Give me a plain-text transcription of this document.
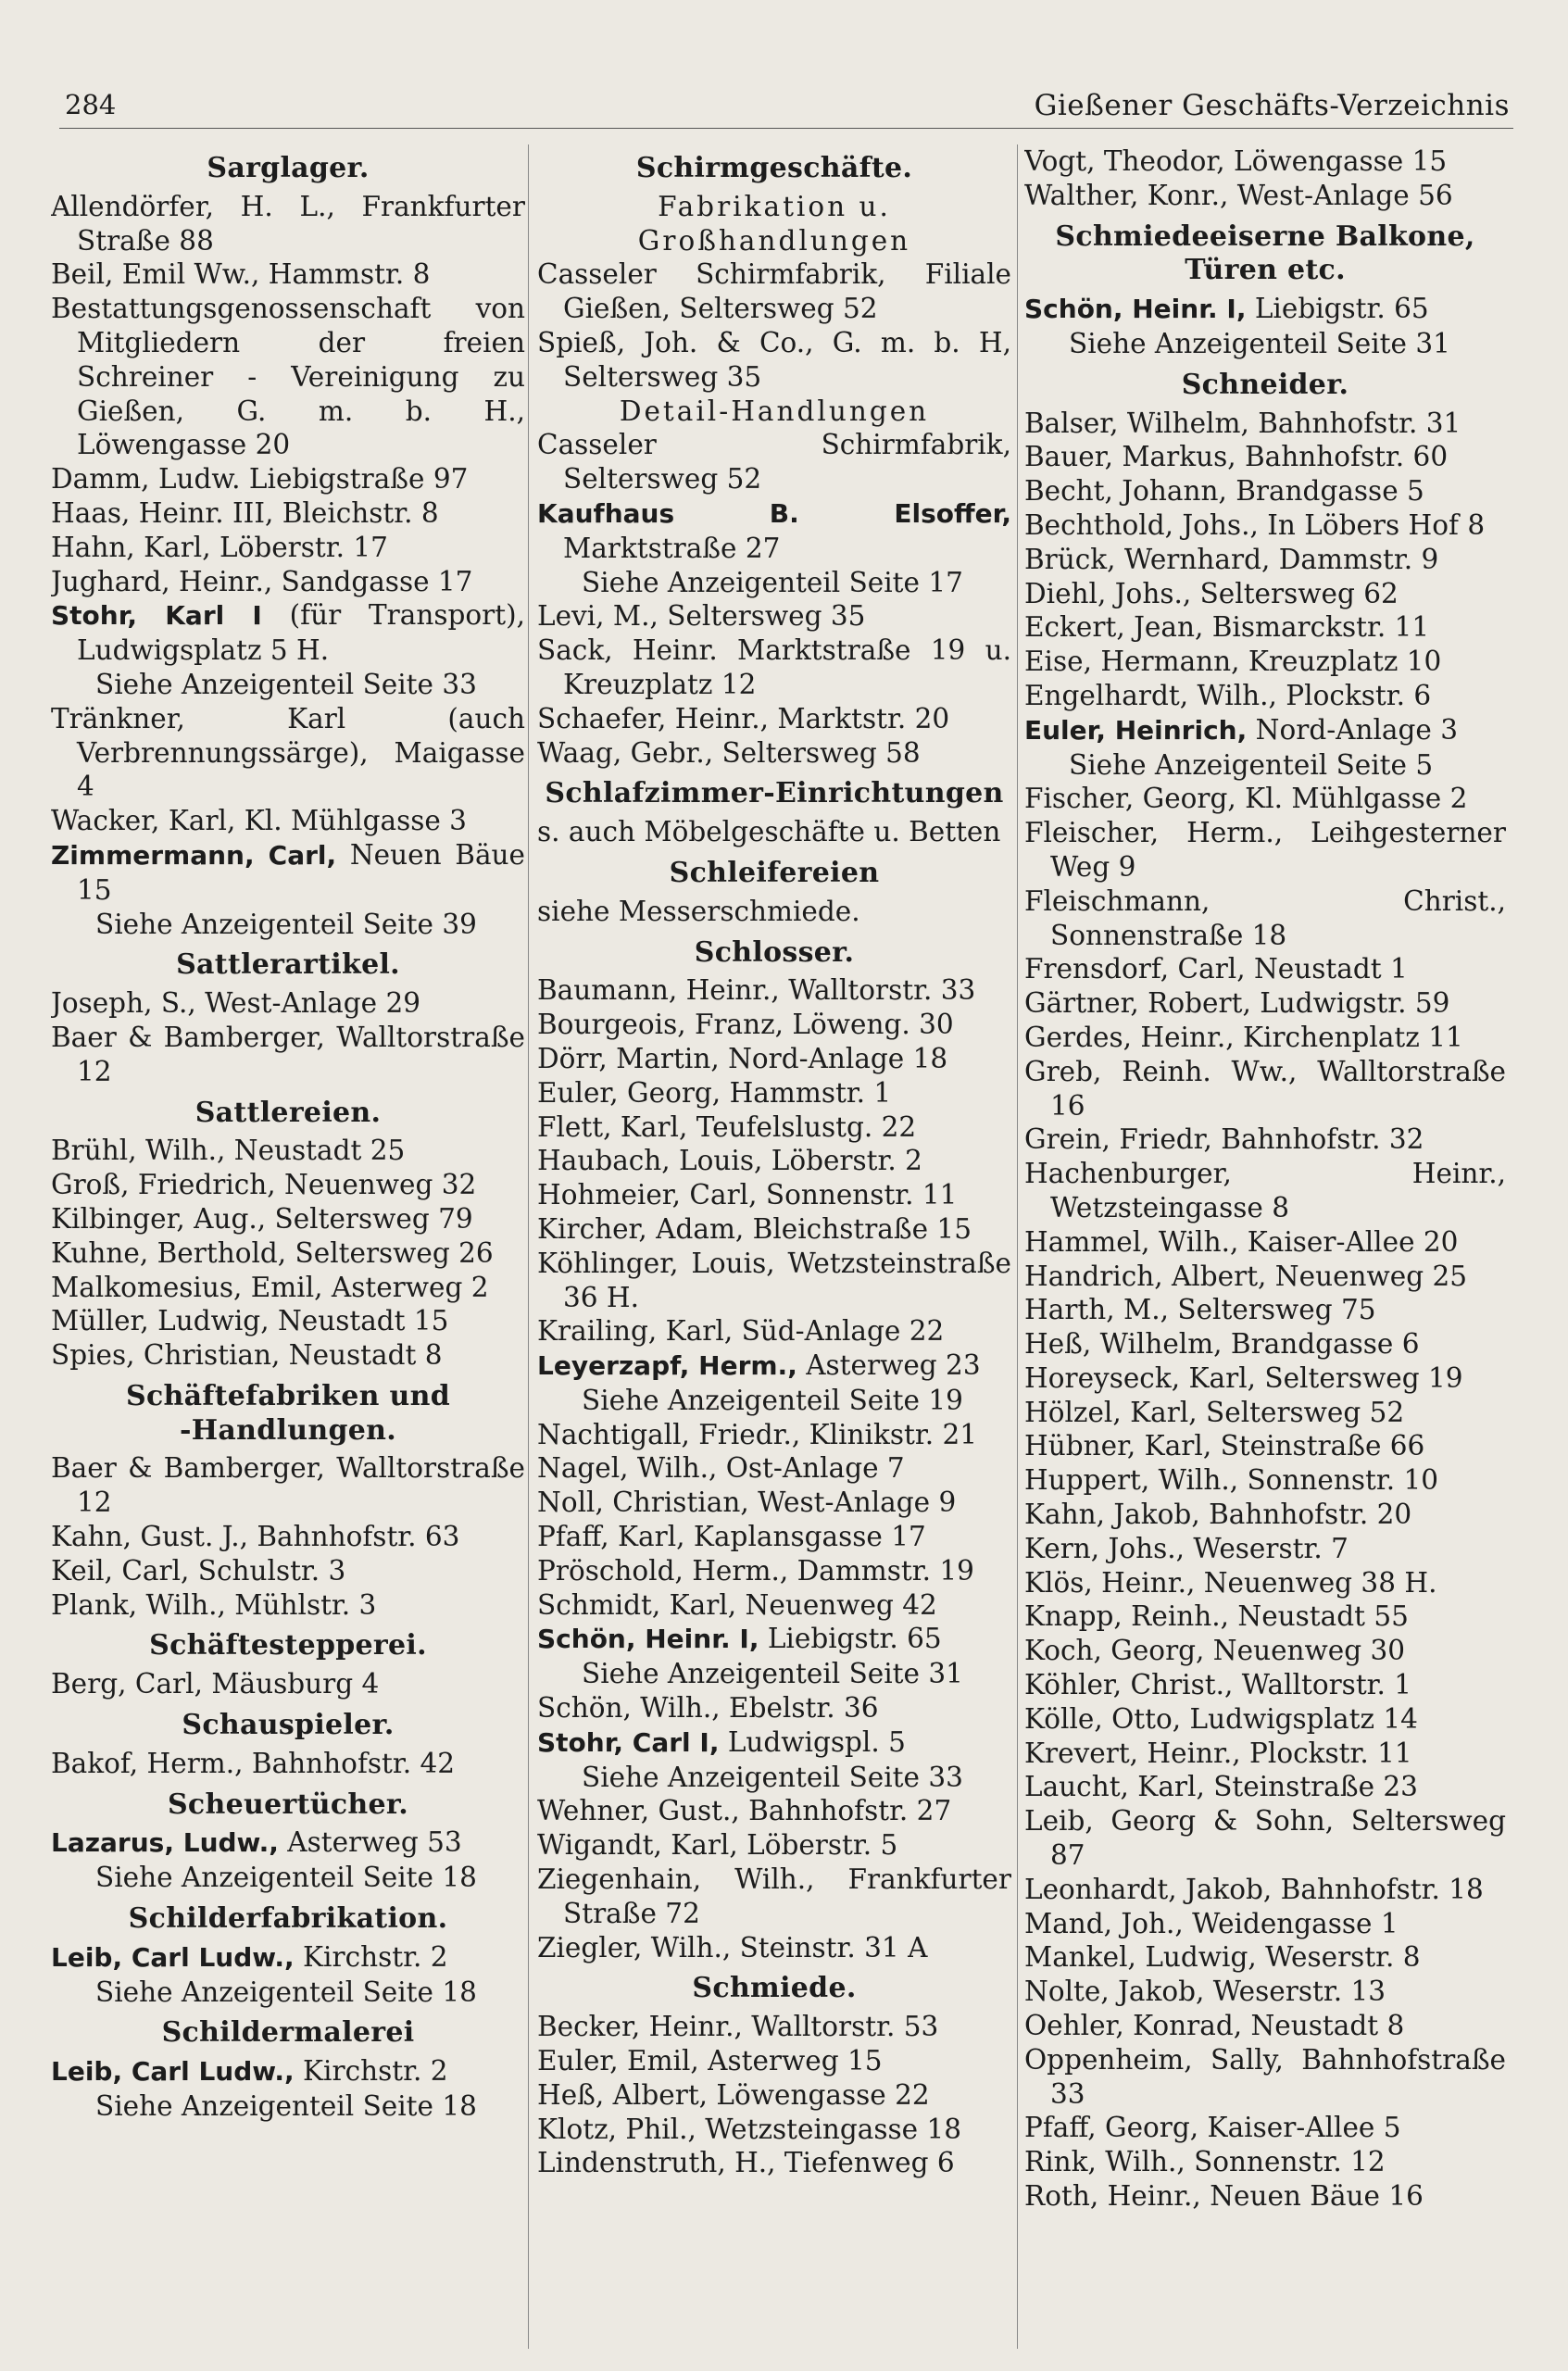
284	Gießener Geschäfts-Verzeichnis
Sarglager.

Allendörfer, H. L., Frankfurter Straße 88

Beil, Emil Ww., Hammstr. 8

Bestattungsgenossenschaft von Mitgliedern der freien Schreiner - Vereinigung zu Gießen, G. m. b. H., Löwengasse 20

Damm, Ludw. Liebigstraße 97

Haas, Heinr. III, Bleichstr. 8

Hahn, Karl, Löberstr. 17

Jughard, Heinr., Sandgasse 17

Stohr, Karl I (für Transport), Ludwigsplatz 5 H.

Siehe Anzeigenteil Seite 33

Tränkner, Karl (auch Verbrennungssärge), Maigasse 4

Wacker, Karl, Kl. Mühlgasse 3

Zimmermann, Carl, Neuen Bäue 15

Siehe Anzeigenteil Seite 39

Sattlerartikel.

Joseph, S., West-Anlage 29

Baer & Bamberger, Walltorstraße 12

Sattlereien.

Brühl, Wilh., Neustadt 25

Groß, Friedrich, Neuenweg 32

Kilbinger, Aug., Seltersweg 79

Kuhne, Berthold, Seltersweg 26

Malkomesius, Emil, Asterweg 2

Müller, Ludwig, Neustadt 15

Spies, Christian, Neustadt 8

Schäftefabriken und
-Handlungen.

Baer & Bamberger, Walltorstraße 12

Kahn, Gust. J., Bahnhofstr. 63

Keil, Carl, Schulstr. 3

Plank, Wilh., Mühlstr. 3

Schäftestepperei.

Berg, Carl, Mäusburg 4

Schauspieler.

Bakof, Herm., Bahnhofstr. 42

Scheuertücher.

Lazarus, Ludw., Asterweg 53

Siehe Anzeigenteil Seite 18

Schilderfabrikation.

Leib, Carl Ludw., Kirchstr. 2

Siehe Anzeigenteil Seite 18

Schildermalerei

Leib, Carl Ludw., Kirchstr. 2

Siehe Anzeigenteil Seite 18

Schirmgeschäfte.

Fabrikation u. Großhandlungen

Casseler Schirmfabrik, Filiale Gießen, Seltersweg 52

Spieß, Joh. & Co., G. m. b. H, Seltersweg 35

Detail-Handlungen

Casseler Schirmfabrik, Seltersweg 52

Kaufhaus B. Elsoffer, Marktstraße 27

Siehe Anzeigenteil Seite 17

Levi, M., Seltersweg 35

Sack, Heinr. Marktstraße 19 u. Kreuzplatz 12

Schaefer, Heinr., Marktstr. 20

Waag, Gebr., Seltersweg 58

Schlafzimmer-Einrichtungen

s. auch Möbelgeschäfte u. Betten

Schleifereien

siehe Messerschmiede.

Schlosser.

Baumann, Heinr., Walltorstr. 33

Bourgeois, Franz, Löweng. 30

Dörr, Martin, Nord-Anlage 18

Euler, Georg, Hammstr. 1

Flett, Karl, Teufelslustg. 22

Haubach, Louis, Löberstr. 2

Hohmeier, Carl, Sonnenstr. 11

Kircher, Adam, Bleichstraße 15

Köhlinger, Louis, Wetzsteinstraße 36 H.

Krailing, Karl, Süd-Anlage 22

Leyerzapf, Herm., Asterweg 23

Siehe Anzeigenteil Seite 19

Nachtigall, Friedr., Klinikstr. 21

Nagel, Wilh., Ost-Anlage 7

Noll, Christian, West-Anlage 9

Pfaff, Karl, Kaplansgasse 17

Pröschold, Herm., Dammstr. 19

Schmidt, Karl, Neuenweg 42

Schön, Heinr. I, Liebigstr. 65

Siehe Anzeigenteil Seite 31

Schön, Wilh., Ebelstr. 36

Stohr, Carl I, Ludwigspl. 5

Siehe Anzeigenteil Seite 33

Wehner, Gust., Bahnhofstr. 27

Wigandt, Karl, Löberstr. 5

Ziegenhain, Wilh., Frankfurter Straße 72

Ziegler, Wilh., Steinstr. 31 A

Schmiede.

Becker, Heinr., Walltorstr. 53

Euler, Emil, Asterweg 15

Heß, Albert, Löwengasse 22

Klotz, Phil., Wetzsteingasse 18

Lindenstruth, H., Tiefenweg 6

Vogt, Theodor, Löwengasse 15

Walther, Konr., West-Anlage 56

Schmiedeeiserne Balkone,
Türen etc.

Schön, Heinr. I, Liebigstr. 65

Siehe Anzeigenteil Seite 31

Schneider.

Balser, Wilhelm, Bahnhofstr. 31

Bauer, Markus, Bahnhofstr. 60

Becht, Johann, Brandgasse 5

Bechthold, Johs., In Löbers Hof 8

Brück, Wernhard, Dammstr. 9

Diehl, Johs., Seltersweg 62

Eckert, Jean, Bismarckstr. 11

Eise, Hermann, Kreuzplatz 10

Engelhardt, Wilh., Plockstr. 6

Euler, Heinrich, Nord-Anlage 3

Siehe Anzeigenteil Seite 5

Fischer, Georg, Kl. Mühlgasse 2

Fleischer, Herm., Leihgesterner Weg 9

Fleischmann, Christ., Sonnenstraße 18

Frensdorf, Carl, Neustadt 1

Gärtner, Robert, Ludwigstr. 59

Gerdes, Heinr., Kirchenplatz 11

Greb, Reinh. Ww., Walltorstraße 16

Grein, Friedr, Bahnhofstr. 32

Hachenburger, Heinr., Wetzsteingasse 8

Hammel, Wilh., Kaiser-Allee 20

Handrich, Albert, Neuenweg 25

Harth, M., Seltersweg 75

Heß, Wilhelm, Brandgasse 6

Horeyseck, Karl, Seltersweg 19

Hölzel, Karl, Seltersweg 52

Hübner, Karl, Steinstraße 66

Huppert, Wilh., Sonnenstr. 10

Kahn, Jakob, Bahnhofstr. 20

Kern, Johs., Weserstr. 7

Klös, Heinr., Neuenweg 38 H.

Knapp, Reinh., Neustadt 55

Koch, Georg, Neuenweg 30

Köhler, Christ., Walltorstr. 1

Kölle, Otto, Ludwigsplatz 14

Krevert, Heinr., Plockstr. 11

Laucht, Karl, Steinstraße 23

Leib, Georg & Sohn, Seltersweg 87

Leonhardt, Jakob, Bahnhofstr. 18

Mand, Joh., Weidengasse 1

Mankel, Ludwig, Weserstr. 8

Nolte, Jakob, Weserstr. 13

Oehler, Konrad, Neustadt 8

Oppenheim, Sally, Bahnhofstraße 33

Pfaff, Georg, Kaiser-Allee 5

Rink, Wilh., Sonnenstr. 12

Roth, Heinr., Neuen Bäue 16
